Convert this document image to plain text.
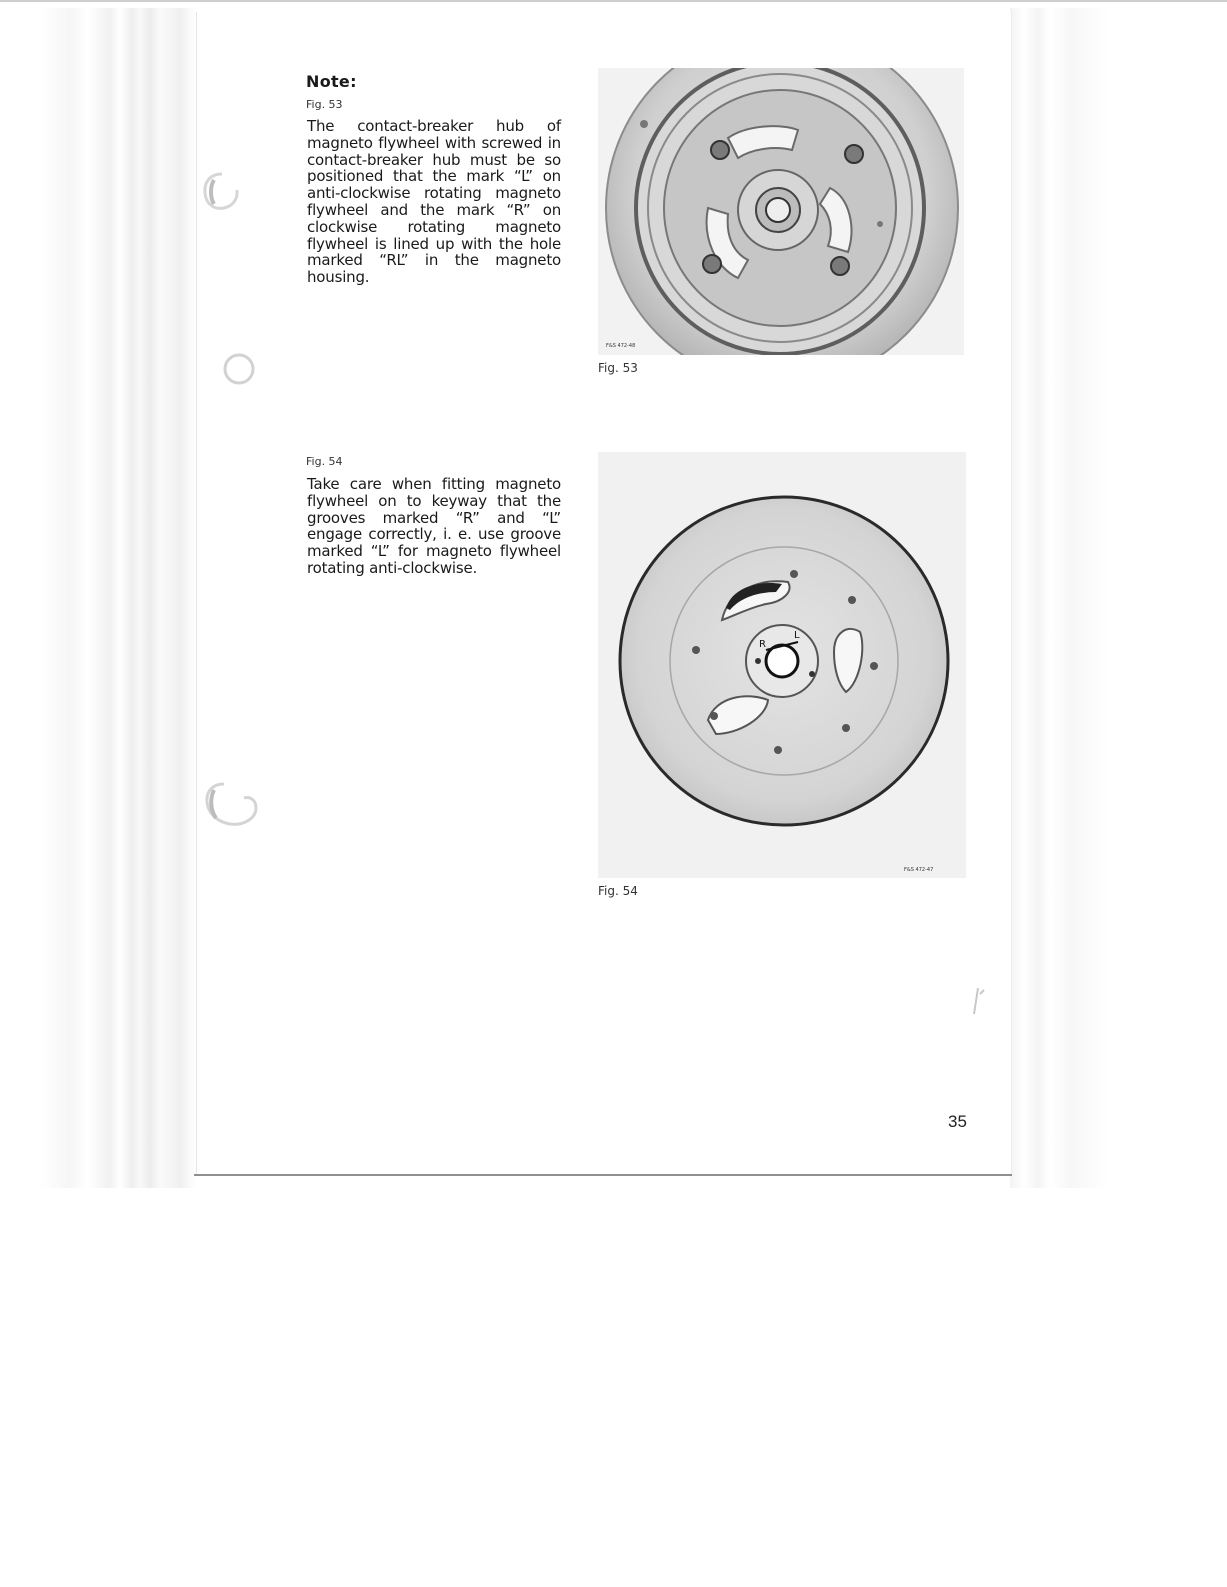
Note:
Fig. 53

The contact-breaker hub of magneto flywheel with screwed in contact-breaker hub must be so positioned that the mark “L” on anti-clockwise rotating magneto flywheel and the mark “R” on clockwise rotating magneto flywheel is lined up with the hole marked “RL” in the magneto housing.

F&S 472-48
Fig. 53
Fig. 54

Take care when fitting magneto flywheel on to keyway that the grooves marked “R” and “L” engage correctly, i. e. use groove marked “L” for magneto flywheel rotating anti-clockwise.

R
L
F&S 472-47
Fig. 54
35
